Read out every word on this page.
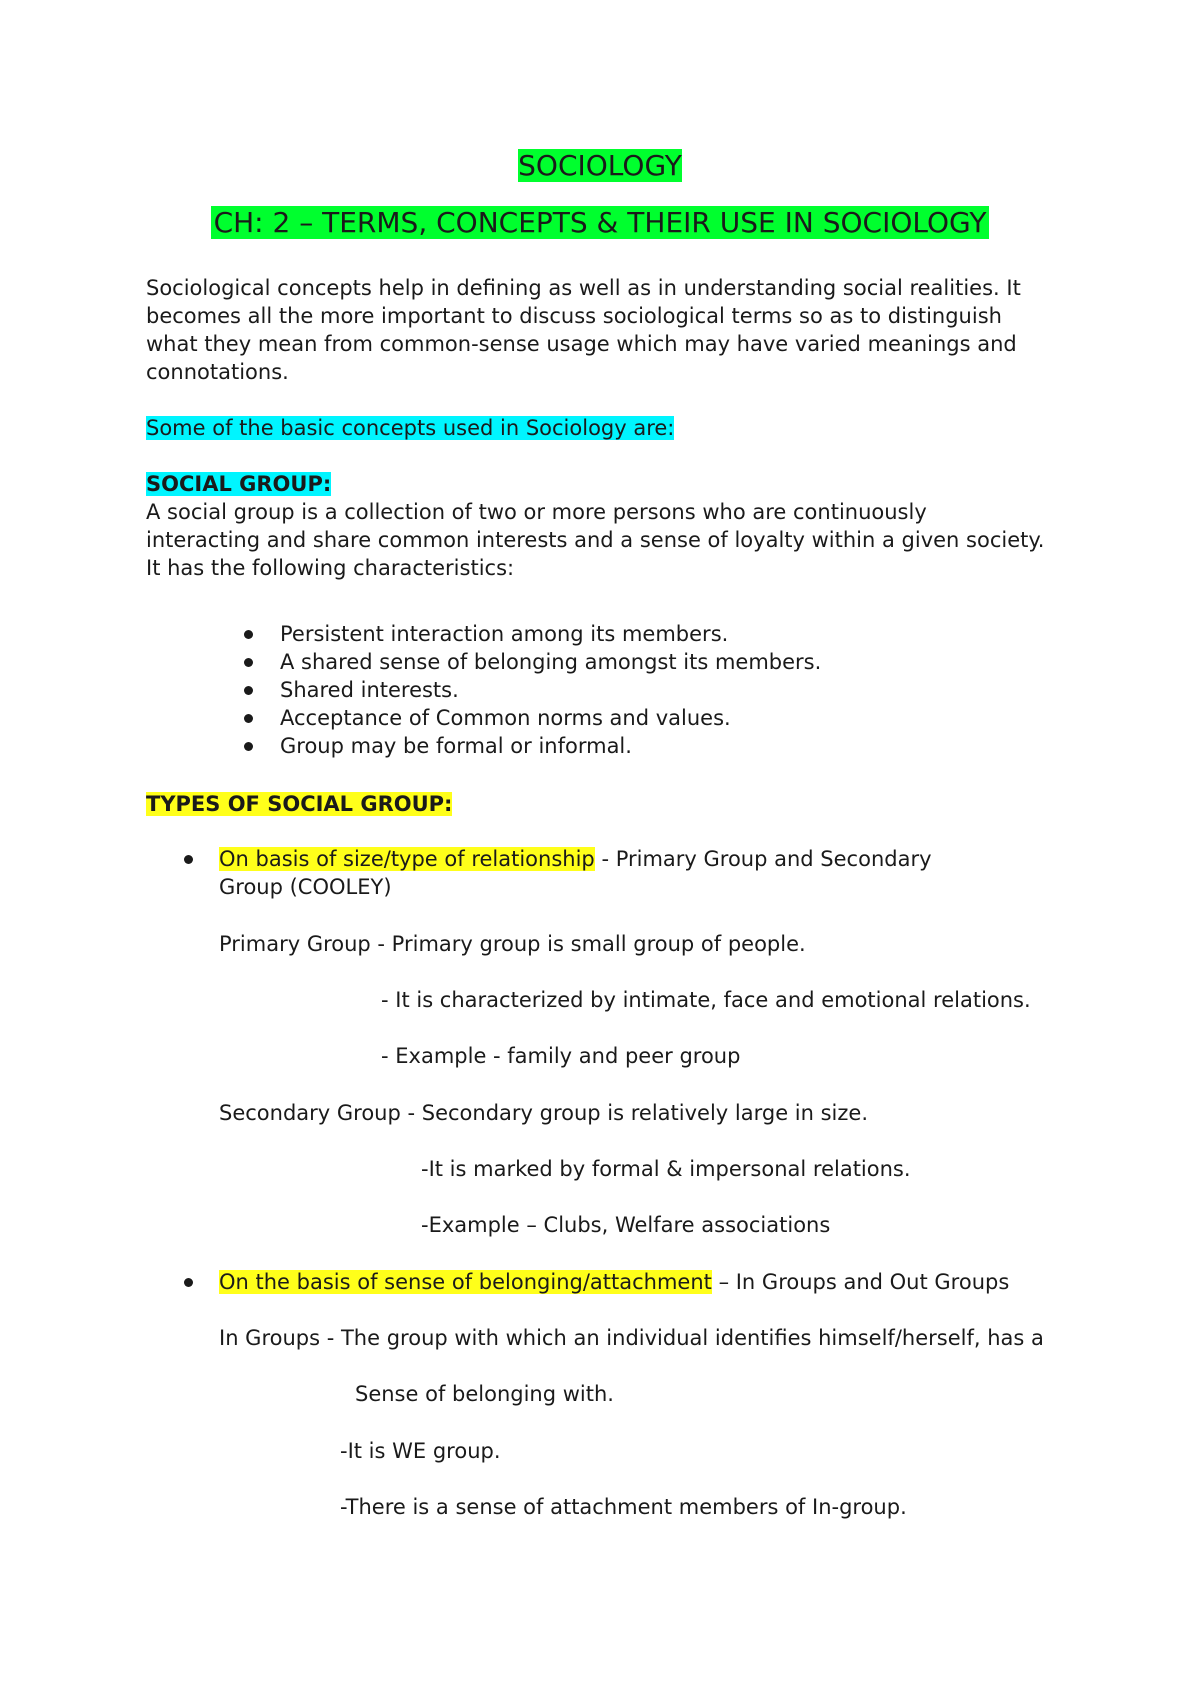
SOCIOLOGY
CH: 2 – TERMS, CONCEPTS & THEIR USE IN SOCIOLOGY
Sociological concepts help in defining as well as in understanding social realities. It
becomes all the more important to discuss sociological terms so as to distinguish
what they mean from common-sense usage which may have varied meanings and
connotations.
Some of the basic concepts used in Sociology are:
SOCIAL GROUP:
A social group is a collection of two or more persons who are continuously
interacting and share common interests and a sense of loyalty within a given society.
It has the following characteristics:
Persistent interaction among its members.
A shared sense of belonging amongst its members.
Shared interests.
Acceptance of Common norms and values.
Group may be formal or informal.
TYPES OF SOCIAL GROUP:
On basis of size/type of relationship - Primary Group and Secondary
Group (COOLEY)
Primary Group - Primary group is small group of people.
- It is characterized by intimate, face and emotional relations.
- Example - family and peer group
Secondary Group - Secondary group is relatively large in size.
-It is marked by formal & impersonal relations.
-Example – Clubs, Welfare associations
On the basis of sense of belonging/attachment – In Groups and Out Groups
In Groups - The group with which an individual identifies himself/herself, has a
Sense of belonging with.
-It is WE group.
-There is a sense of attachment members of In-group.
